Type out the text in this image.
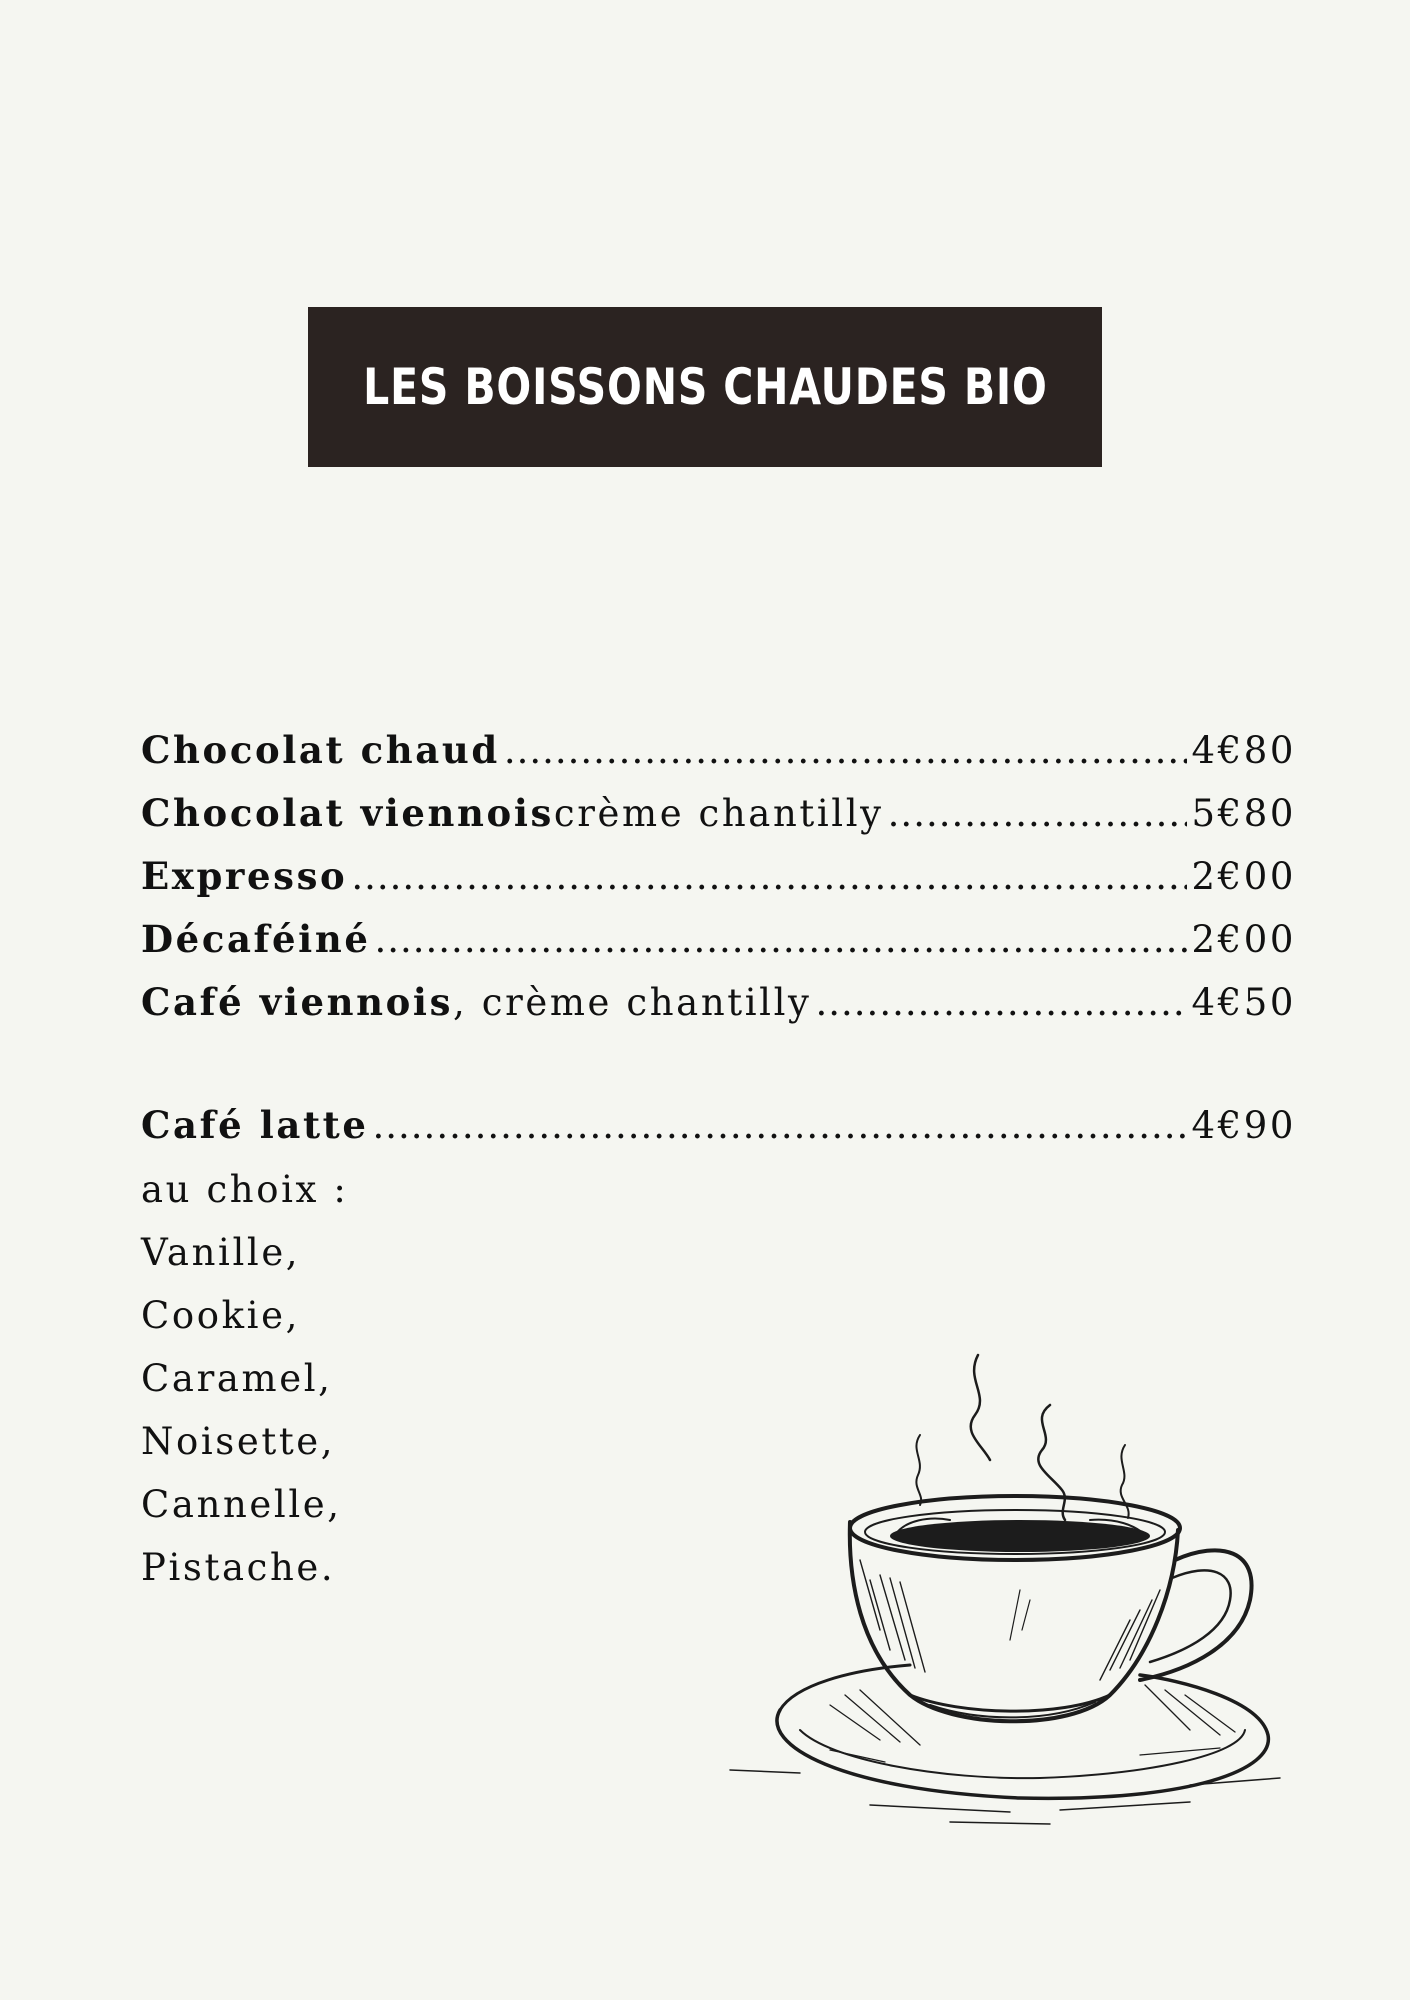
LES BOISSONS CHAUDES BIO
Chocolat chaud .....	4€80
Chocolat viennois crème chantilly .....	5€80
Expresso .....	2€00
Décaféiné .....	2€00
Café viennois , crème chantilly .....	4€50
Café latte .....	4€90
au choix :
Vanille,
Cookie,
Caramel,
Noisette,
Cannelle,
Pistache.
